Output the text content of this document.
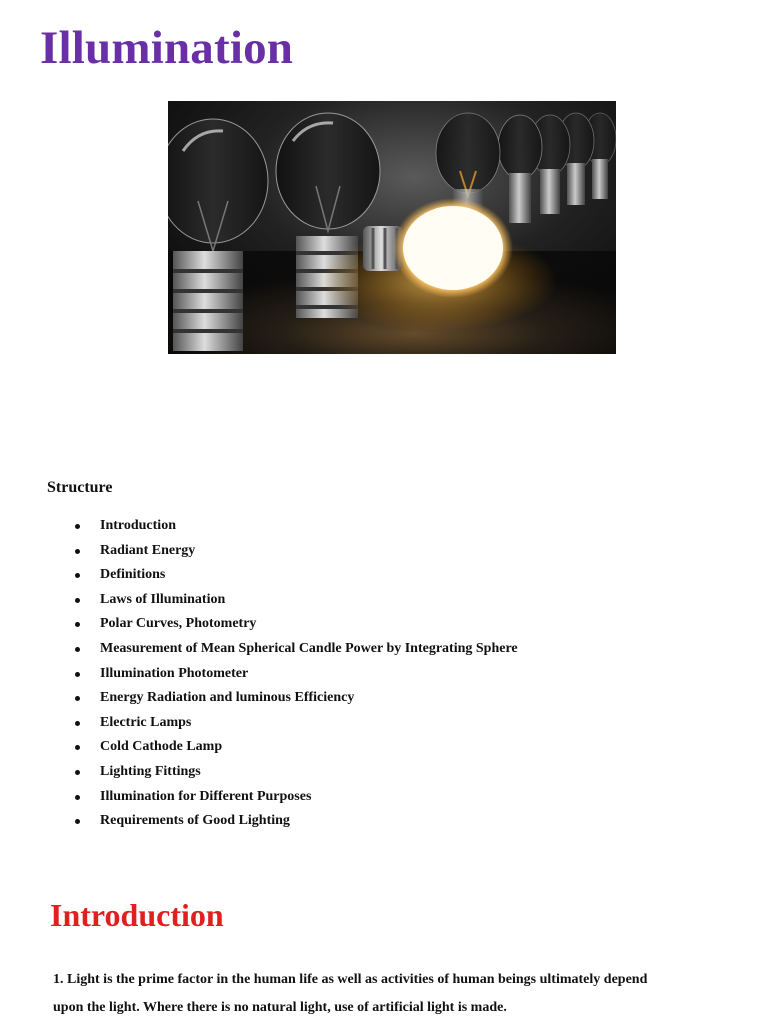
Illumination
Structure
Introduction
Radiant Energy
Definitions
Laws of Illumination
Polar Curves, Photometry
Measurement of Mean Spherical Candle Power by Integrating Sphere
Illumination Photometer
Energy Radiation and luminous Efficiency
Electric Lamps
Cold Cathode Lamp
Lighting Fittings
Illumination for Different Purposes
Requirements of Good Lighting
Introduction

1. Light is the prime factor in the human life as well as activities of human beings ultimately depend upon the light. Where there is no natural light, use of artificial light is made.
